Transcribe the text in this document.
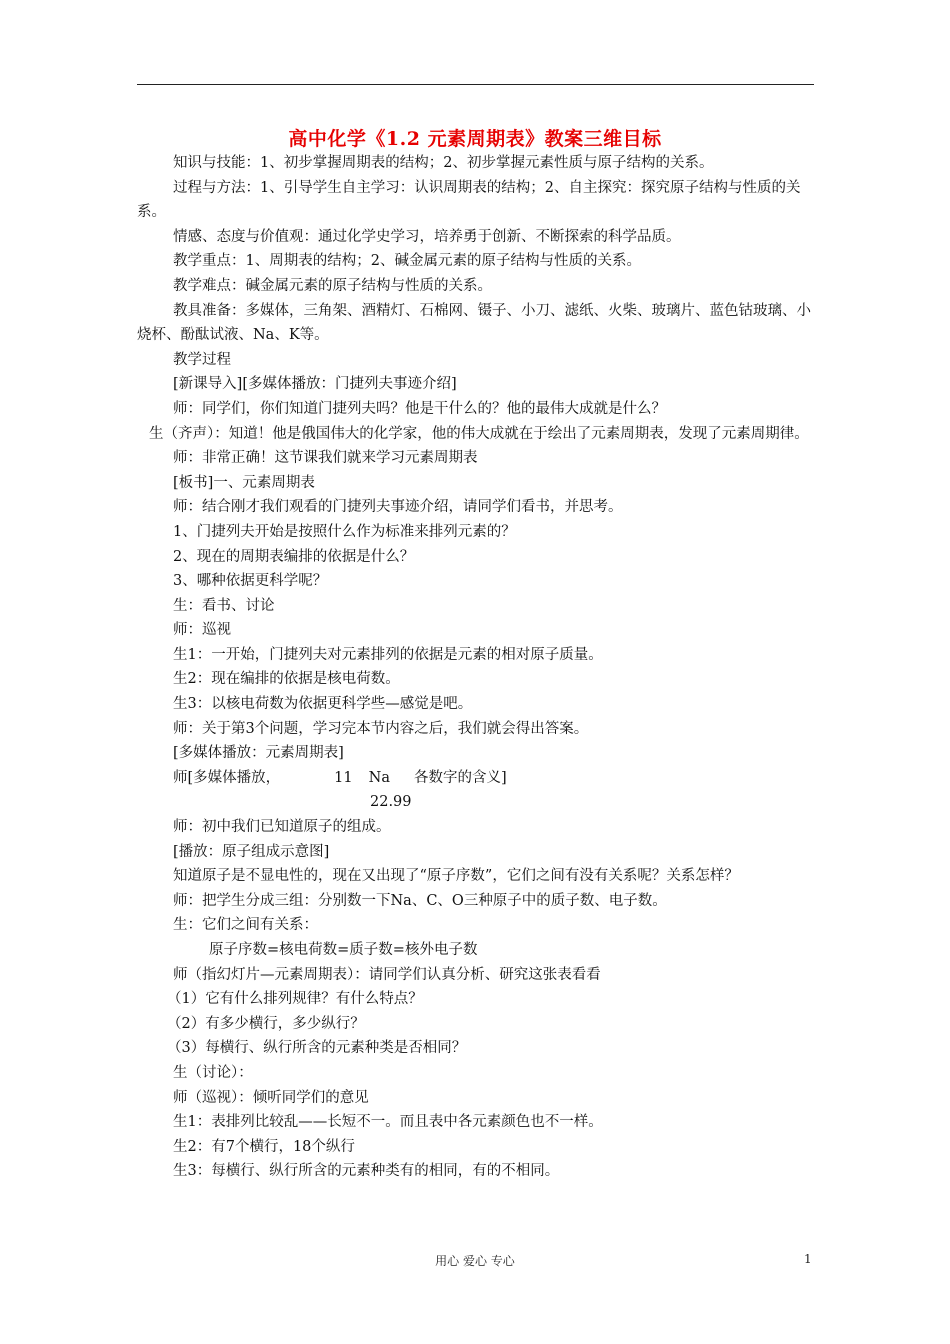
高中化学《1.2 元素周期表》教案三维目标

知识与技能：1、初步掌握周期表的结构；2、初步掌握元素性质与原子结构的关系。

过程与方法：1、引导学生自主学习：认识周期表的结构；2、自主探究：探究原子结构与性质的关系。

情感、态度与价值观：通过化学史学习，培养勇于创新、不断探索的科学品质。

教学重点：1、周期表的结构；2、碱金属元素的原子结构与性质的关系。

教学难点：碱金属元素的原子结构与性质的关系。

教具准备：多媒体，三角架、酒精灯、石棉网、镊子、小刀、滤纸、火柴、玻璃片、蓝色钴玻璃、小烧杯、酚酞试液、Na、K等。

教学过程

[新课导入][多媒体播放：门捷列夫事迹介绍]

师：同学们，你们知道门捷列夫吗？他是干什么的？他的最伟大成就是什么？

生（齐声）：知道！他是俄国伟大的化学家，他的伟大成就在于绘出了元素周期表，发现了元素周期律。

师：非常正确！这节课我们就来学习元素周期表

[板书]一、元素周期表

师：结合刚才我们观看的门捷列夫事迹介绍，请同学们看书，并思考。

1、门捷列夫开始是按照什么作为标准来排列元素的？

2、现在的周期表编排的依据是什么？

3、哪种依据更科学呢？

生：看书、讨论

师：巡视

生1：一开始，门捷列夫对元素排列的依据是元素的相对原子质量。

生2：现在编排的依据是核电荷数。

生3：以核电荷数为依据更科学些—感觉是吧。

师：关于第3个问题，学习完本节内容之后，我们就会得出答案。

[多媒体播放：元素周期表]

师[多媒体播放，	11 Na 各数字的含义]

22.99

师：初中我们已知道原子的组成。

[播放：原子组成示意图]

知道原子是不显电性的，现在又出现了“原子序数”，它们之间有没有关系呢？关系怎样？

师：把学生分成三组：分别数一下Na、C、O三种原子中的质子数、电子数。

生：它们之间有关系：

原子序数=核电荷数=质子数=核外电子数

师（指幻灯片—元素周期表）：请同学们认真分析、研究这张表看看

（1）它有什么排列规律？有什么特点？

（2）有多少横行，多少纵行？

（3）每横行、纵行所含的元素种类是否相同？

生（讨论）：

师（巡视）：倾听同学们的意见

生1：表排列比较乱——长短不一。而且表中各元素颜色也不一样。

生2：有7个横行，18个纵行

生3：每横行、纵行所含的元素种类有的相同，有的不相同。

用心 爱心 专心	1
